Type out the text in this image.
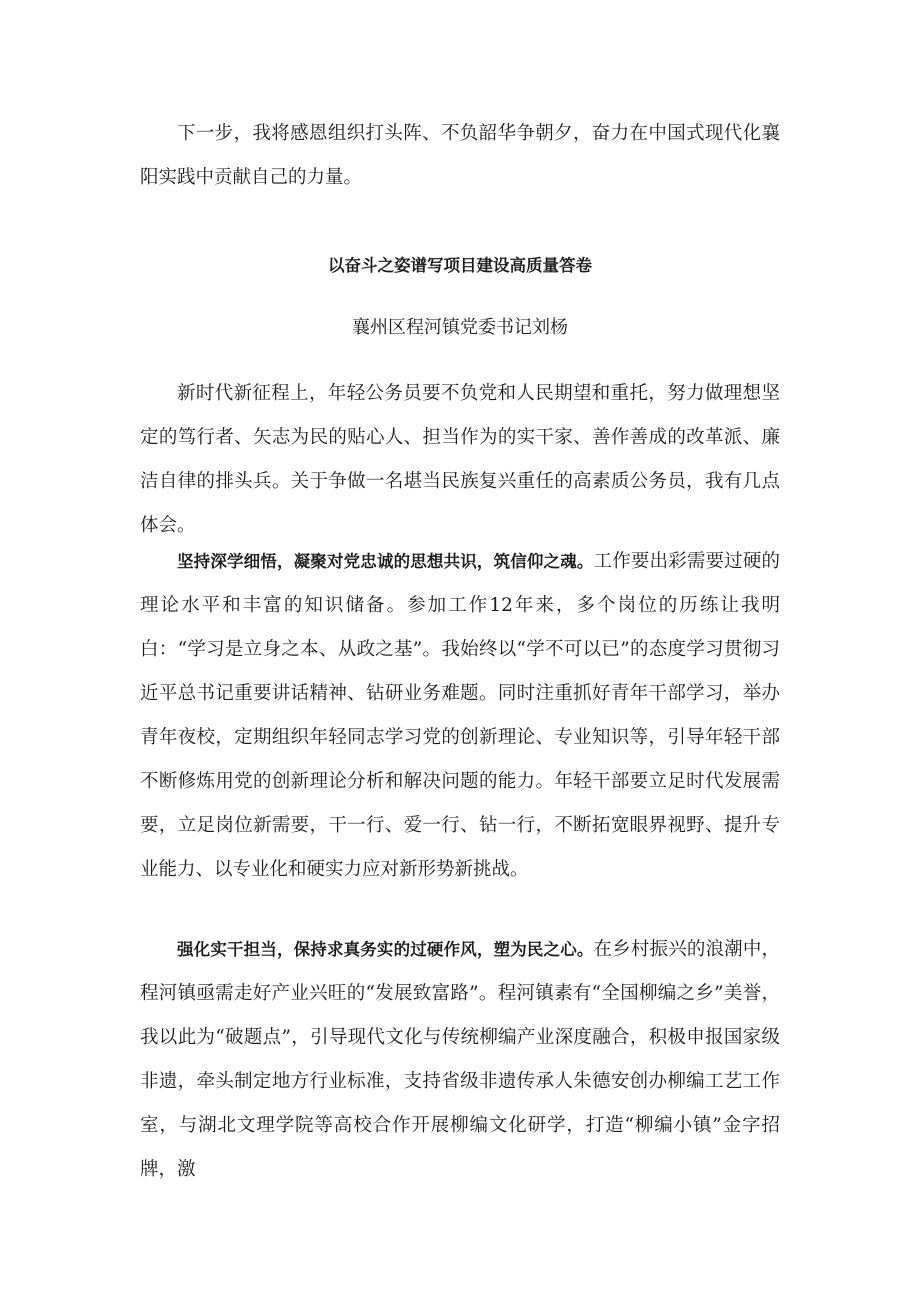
下一步，我将感恩组织打头阵、不负韶华争朝夕，奋力在中国式现代化襄阳实践中贡献自己的力量。

以奋斗之姿谱写项目建设高质量答卷

襄州区程河镇党委书记刘杨

新时代新征程上，年轻公务员要不负党和人民期望和重托，努力做理想坚定的笃行者、矢志为民的贴心人、担当作为的实干家、善作善成的改革派、廉洁自律的排头兵。关于争做一名堪当民族复兴重任的高素质公务员，我有几点体会。

坚持深学细悟，凝聚对党忠诚的思想共识，筑信仰之魂。工作要出彩需要过硬的理论水平和丰富的知识储备。参加工作12年来，多个岗位的历练让我明白：“学习是立身之本、从政之基”。我始终以“学不可以已”的态度学习贯彻习近平总书记重要讲话精神、钻研业务难题。同时注重抓好青年干部学习，举办青年夜校，定期组织年轻同志学习党的创新理论、专业知识等，引导年轻干部不断修炼用党的创新理论分析和解决问题的能力。年轻干部要立足时代发展需要，立足岗位新需要，干一行、爱一行、钻一行，不断拓宽眼界视野、提升专业能力、以专业化和硬实力应对新形势新挑战。

强化实干担当，保持求真务实的过硬作风，塑为民之心。在乡村振兴的浪潮中，程河镇亟需走好产业兴旺的“发展致富路”。程河镇素有“全国柳编之乡”美誉，我以此为“破题点”，引导现代文化与传统柳编产业深度融合，积极申报国家级非遗，牵头制定地方行业标准，支持省级非遗传承人朱德安创办柳编工艺工作室，与湖北文理学院等高校合作开展柳编文化研学，打造“柳编小镇”金字招牌，激
